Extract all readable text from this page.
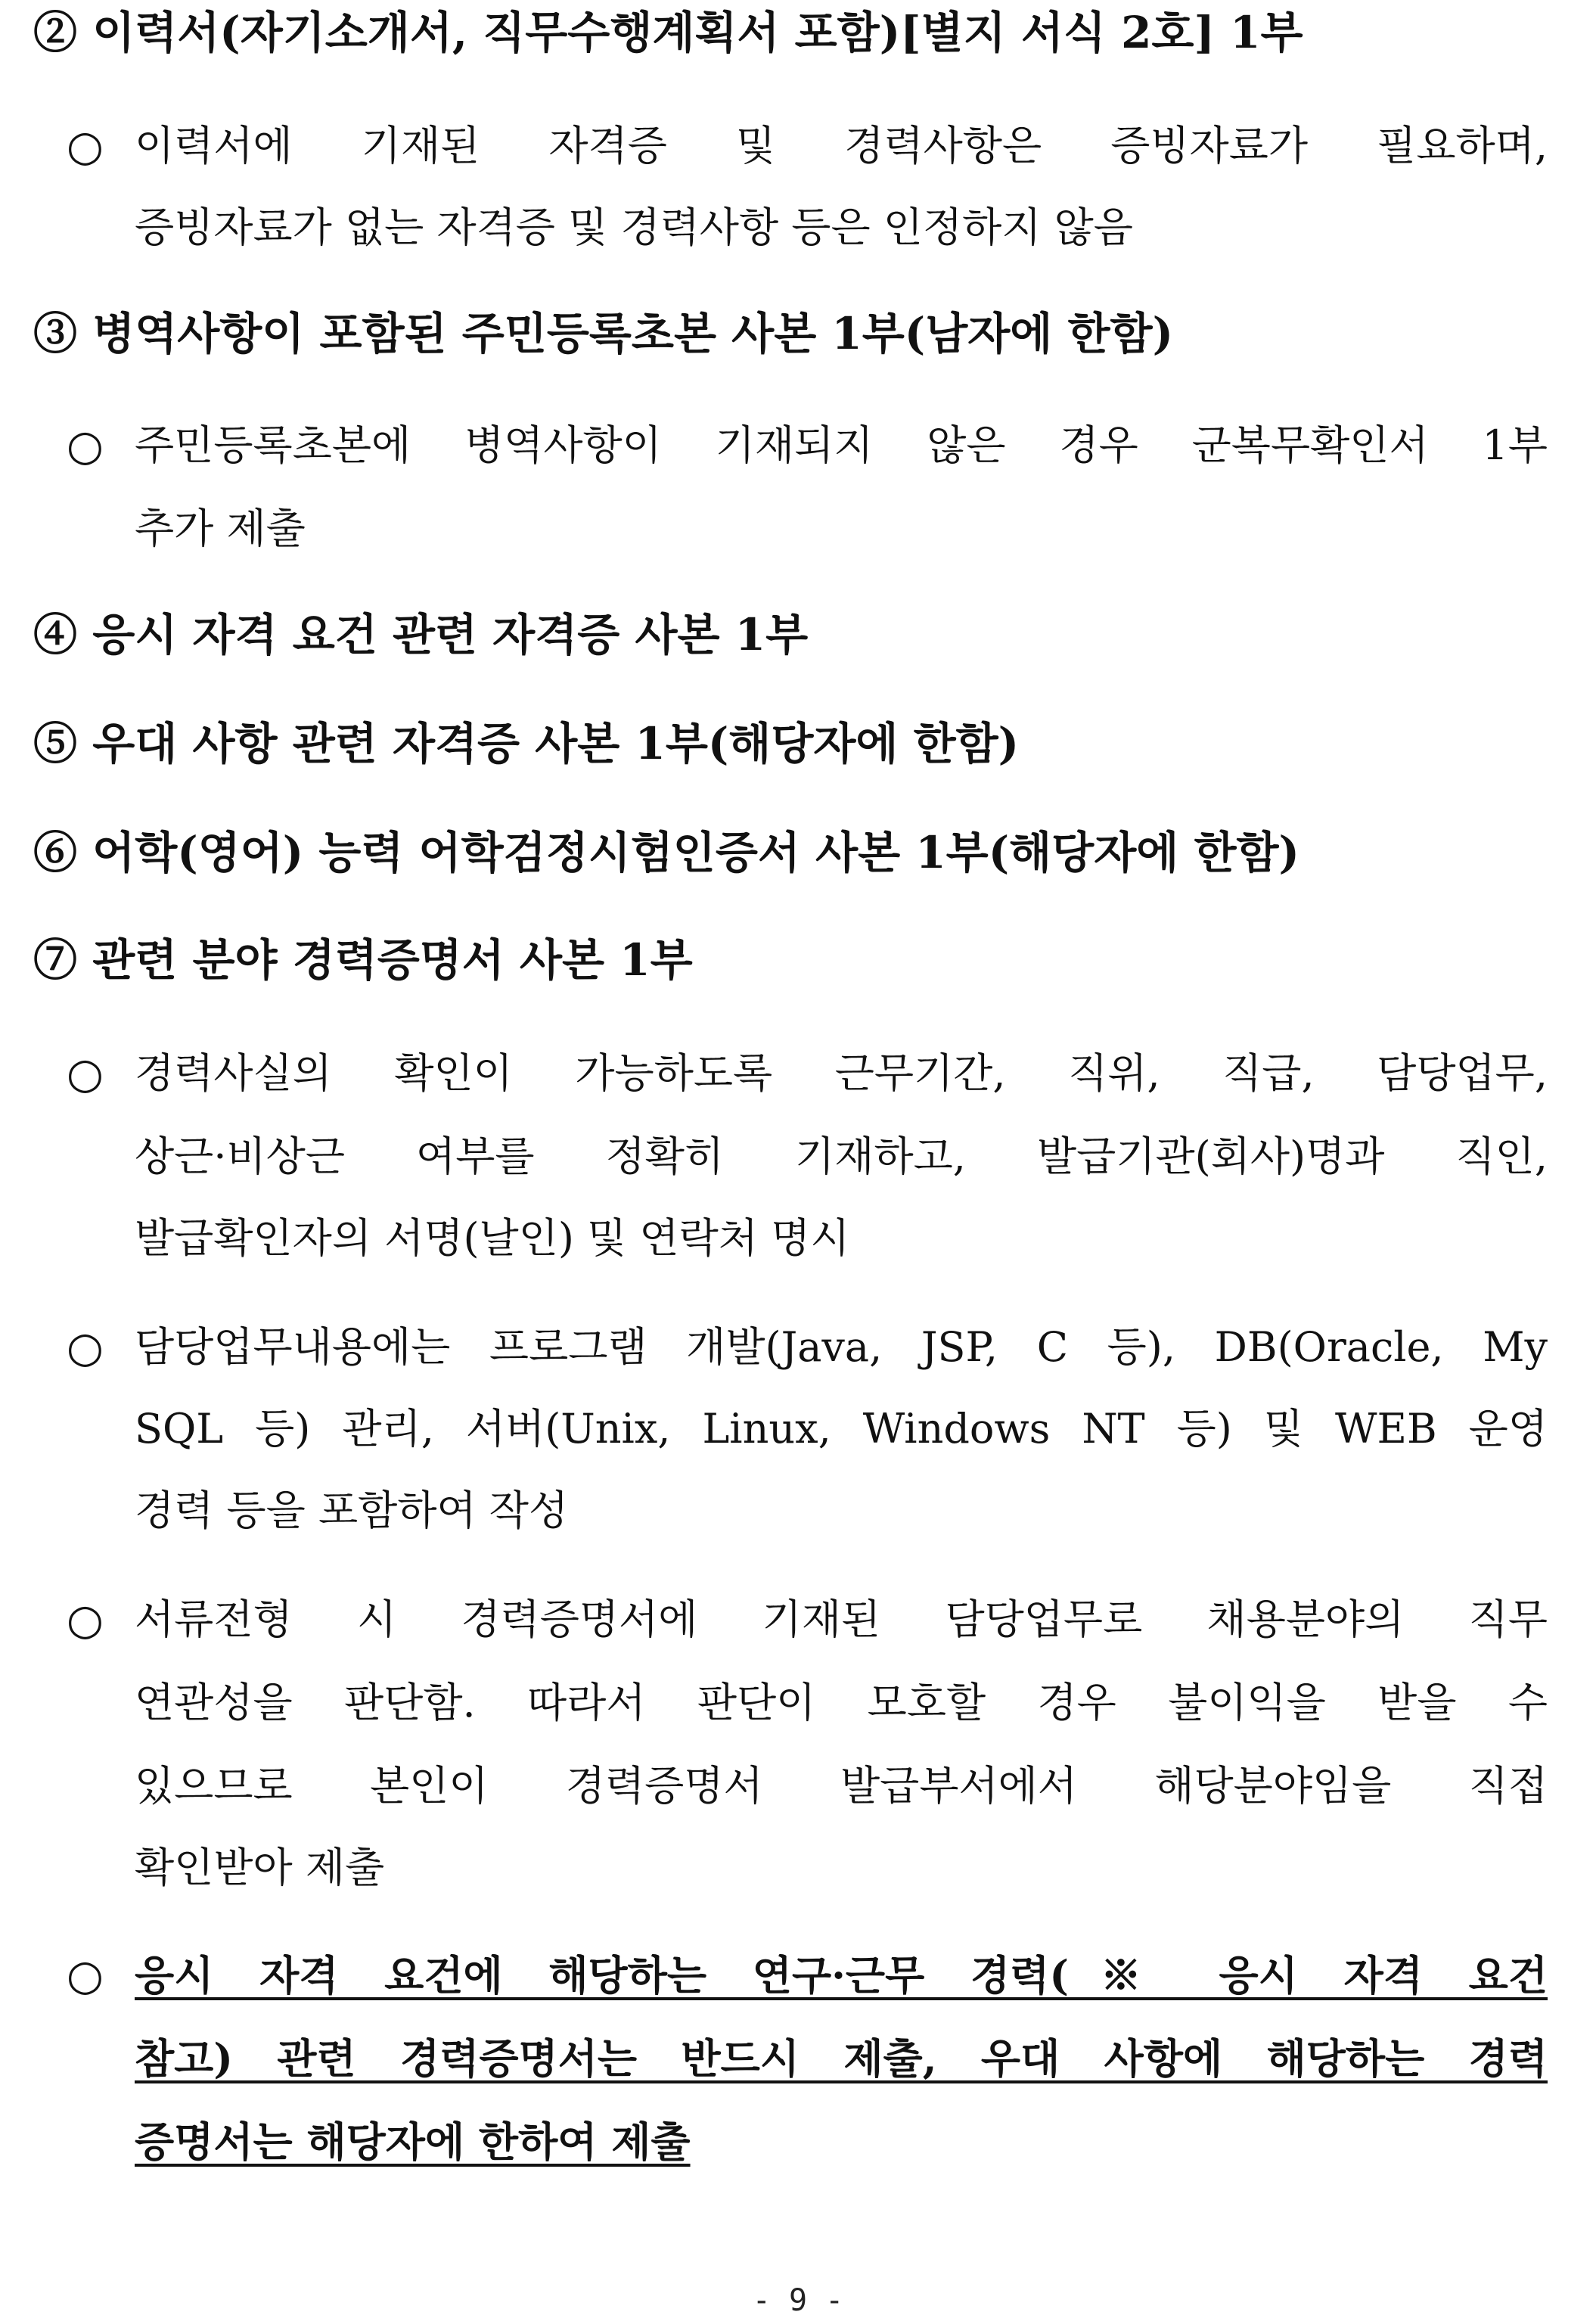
② 이력서(자기소개서, 직무수행계획서 포함)[별지 서식 2호] 1부
○ 이력서에 기재된 자격증 및 경력사항은 증빙자료가 필요하며,
증빙자료가 없는 자격증 및 경력사항 등은 인정하지 않음
③ 병역사항이 포함된 주민등록초본 사본 1부(남자에 한함)
○ 주민등록초본에 병역사항이 기재되지 않은 경우 군복무확인서 1부
추가 제출
④ 응시 자격 요건 관련 자격증 사본 1부
⑤ 우대 사항 관련 자격증 사본 1부(해당자에 한함)
⑥ 어학(영어) 능력 어학검정시험인증서 사본 1부(해당자에 한함)
⑦ 관련 분야 경력증명서 사본 1부
○ 경력사실의 확인이 가능하도록 근무기간, 직위, 직급, 담당업무,
상근·비상근 여부를 정확히 기재하고, 발급기관(회사)명과 직인,
발급확인자의 서명(날인) 및 연락처 명시
○ 담당업무내용에는 프로그램 개발(Java, JSP, C 등), DB(Oracle, My
SQL 등) 관리, 서버(Unix, Linux, Windows NT 등) 및 WEB 운영
경력 등을 포함하여 작성
○ 서류전형 시 경력증명서에 기재된 담당업무로 채용분야의 직무
연관성을 판단함. 따라서 판단이 모호할 경우 불이익을 받을 수
있으므로 본인이 경력증명서 발급부서에서 해당분야임을 직접
확인받아 제출
○ 응시 자격 요건에 해당하는 연구·근무 경력(※ 응시 자격 요건
참고) 관련 경력증명서는 반드시 제출, 우대 사항에 해당하는 경력
증명서는 해당자에 한하여 제출
- 9 -
